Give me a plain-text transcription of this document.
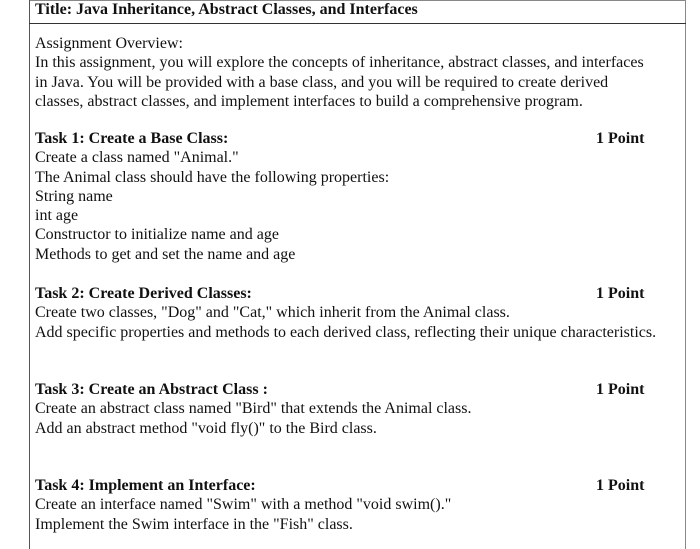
Title: Java Inheritance, Abstract Classes, and Interfaces
Assignment Overview:
In this assignment, you will explore the concepts of inheritance, abstract classes, and interfaces
in Java. You will be provided with a base class, and you will be required to create derived
classes, abstract classes, and implement interfaces to build a comprehensive program.
Task 1: Create a Base Class:	1 Point
Create a class named "Animal."
The Animal class should have the following properties:
String name
int age
Constructor to initialize name and age
Methods to get and set the name and age
Task 2: Create Derived Classes:	1 Point
Create two classes, "Dog" and "Cat," which inherit from the Animal class.
Add specific properties and methods to each derived class, reflecting their unique characteristics.
Task 3: Create an Abstract Class :	1 Point
Create an abstract class named "Bird" that extends the Animal class.
Add an abstract method "void fly()" to the Bird class.
Task 4: Implement an Interface:	1 Point
Create an interface named "Swim" with a method "void swim()."
Implement the Swim interface in the "Fish" class.
